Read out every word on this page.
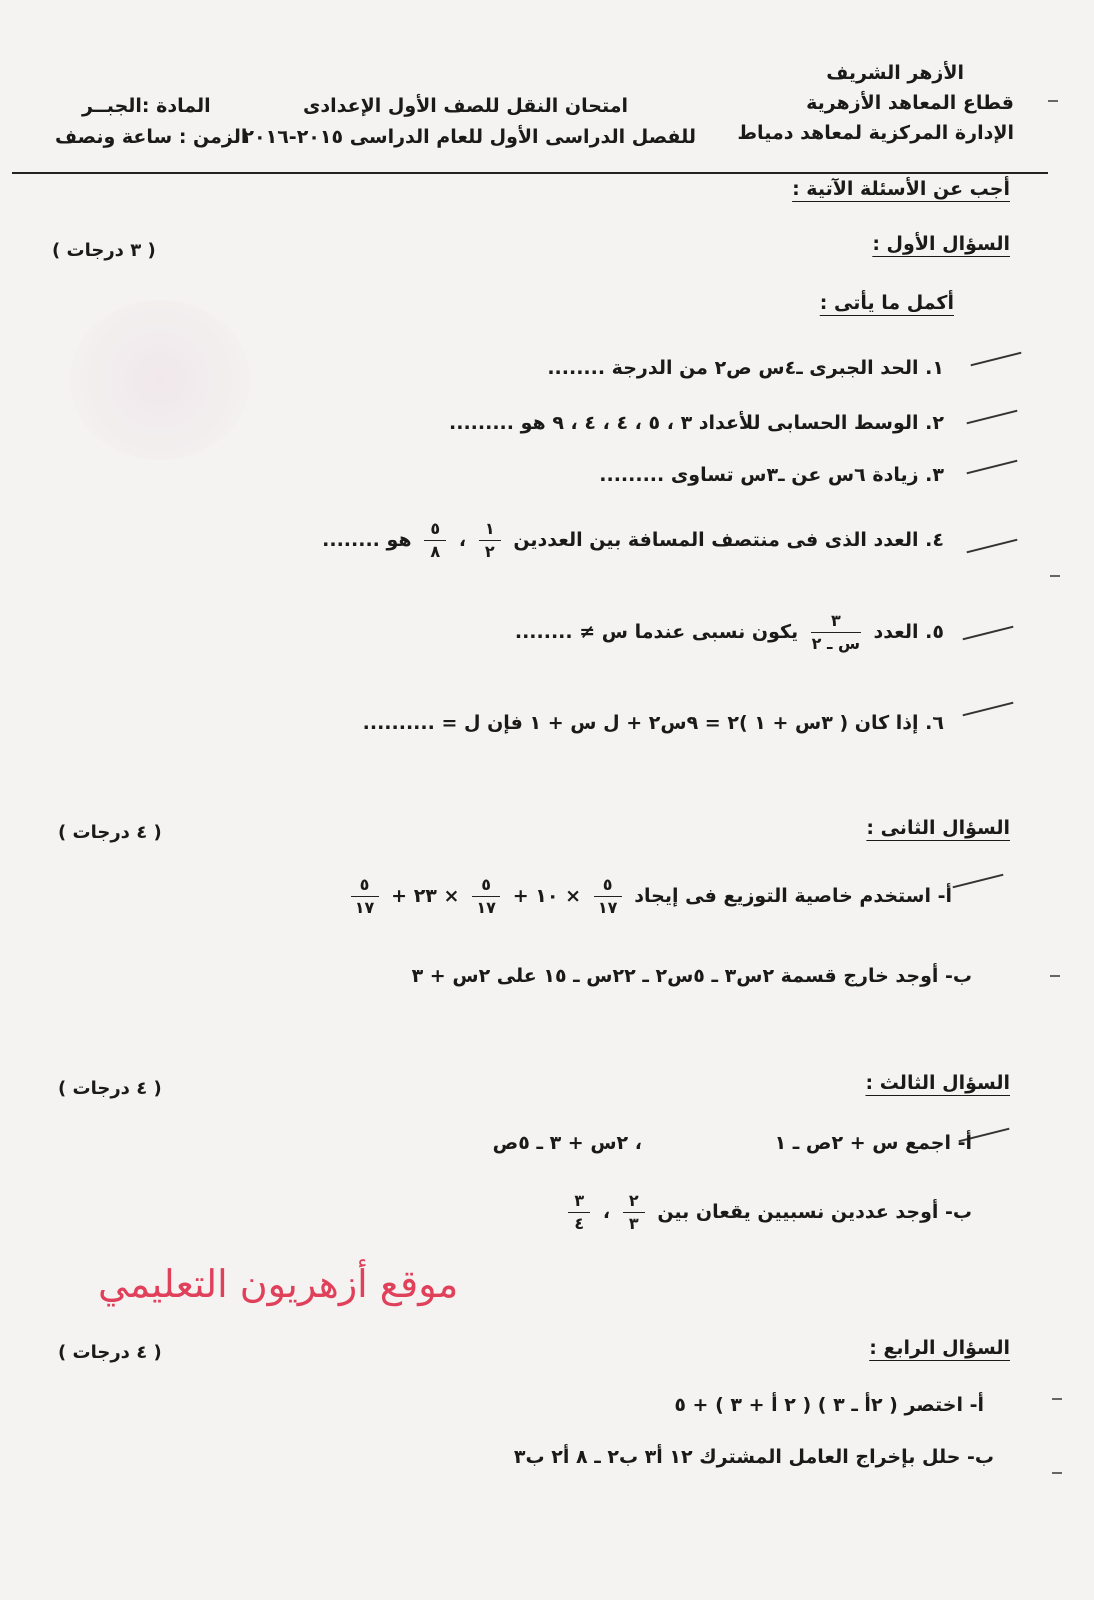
الأزهر الشريف
قطاع المعاهد الأزهرية
الإدارة المركزية لمعاهد دمياط
امتحان النقل للصف الأول الإعدادى
للفصل الدراسى الأول للعام الدراسى ٢٠١٥-٢٠١٦
المادة :الجبــر
الزمن : ساعة ونصف
أجب عن الأسئلة الآتية :
السؤال الأول :
( ٣ درجات )
أكمل ما يأتى :
١. الحد الجبرى ـ٤س ص٢ من الدرجة ........
٢. الوسط الحسابى للأعداد ٣ ، ٥ ، ٤ ، ٤ ، ٩ هو .........
٣. زيادة ٦س عن ـ٣س تساوى .........
٤. العدد الذى فى منتصف المسافة بين العددين
$\frac{١}{٢}$
،
$\frac{٥}{٨}$
هو ........
٥. العدد
$\frac{٣}{\text{س ـ ٢}}$
يكون نسبى عندما س ≠ ........
٦. إذا كان ( ٣س + ١ )٢ = ٩س٢ + ل س + ١ فإن ل = ..........
السؤال الثانى :
( ٤ درجات )
أ- استخدم خاصية التوزيع فى إيجاد
$\frac{٥}{١٧}$
× ١٠ +
$\frac{٥}{١٧}$
× ٢٣ +
$\frac{٥}{١٧}$
ب- أوجد خارج قسمة ٢س٣ ـ ٥س٢ ـ ٢٢س ـ ١٥ على ٢س + ٣
السؤال الثالث :
( ٤ درجات )
أ- اجمع س + ٢ص ـ ١
، ٢س + ٣ ـ ٥ص
ب- أوجد عددين نسبيين يقعان بين
$\frac{٢}{٣}$
،
$\frac{٣}{٤}$
موقع أزهريون التعليمي
السؤال الرابع :
( ٤ درجات )
أ- اختصر ( ٢أ ـ ٣ ) ( ٢ أ + ٣ ) + ٥
ب- حلل بإخراج العامل المشترك ١٢ أ٣ ب٢ ـ ٨ أ٢ ب٣
